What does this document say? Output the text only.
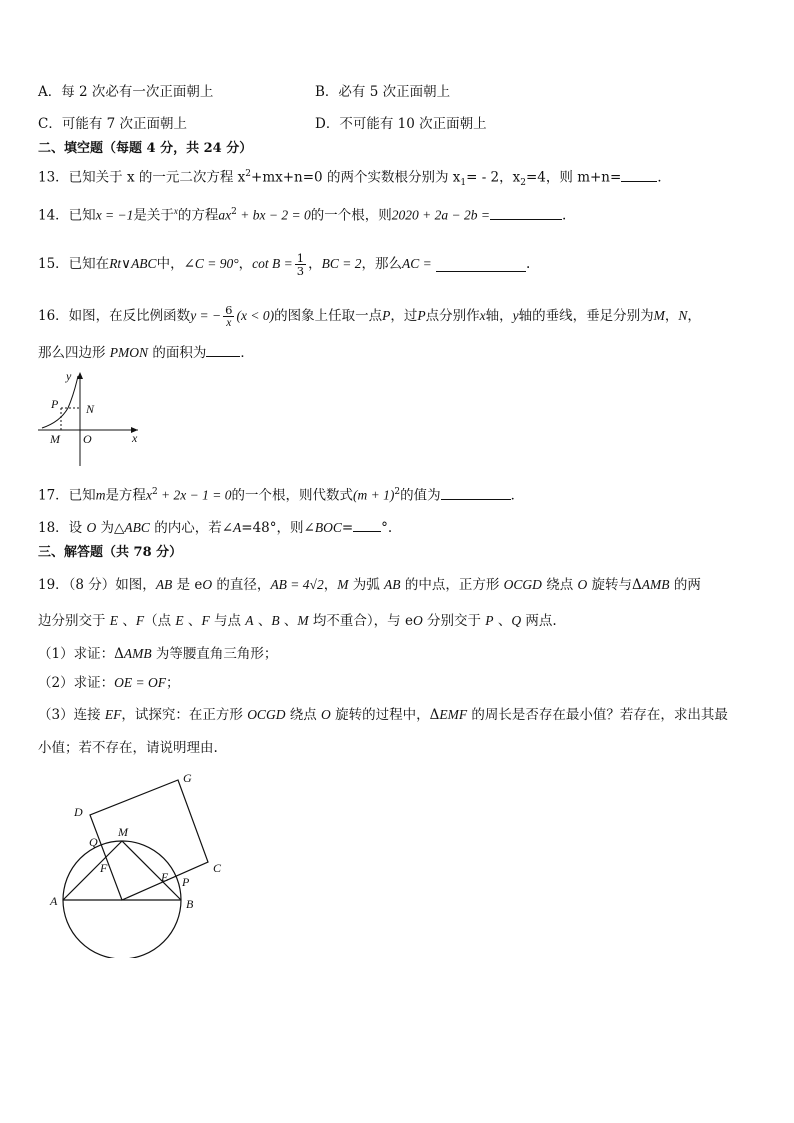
A．每 2 次必有一次正面朝上	B．必有 5 次正面朝上
C．可能有 7 次正面朝上	D．不可能有 10 次正面朝上
二、填空题（每题 4 分，共 24 分）
13．已知关于 x 的一元二次方程 $x^2+mx+n=0$ 的两个实数根分别为 $x_1= - 2$，$x_2=4$，则 m+n=	．
14．已知x = −1是关于$^x$的方程$ax^2$ + bx − 2 = 0的一个根，则2020 + 2a − 2b =	.
15．已知在 Rt∨ABC 中， ∠C = 90° ， $\cot B = \frac{1}{3}$ ， BC = 2 ，那么 AC =
	.
16．如图，在反比例函数 y = − $\frac{6}{x} (x < 0)$ 的图象上任取一点 P ，过 P 点分别作 x 轴， y 轴的垂线，垂足分别为 M ， N ，
那么四边形 PMON 的面积为	．
y
x
P N
M O
17．已知m是方程$x^2 + 2x - 1 = 0$的一个根，则代数式$(m + 1)^2$的值为	．
18．设 O 为△ABC 的内心，若∠A=48°，则∠BOC= °.
三、解答题（共 78 分）
19．（8 分）如图，AB 是 eO 的直径，AB = 4√2，M 为弧 AB 的中点，正方形 OCGD 绕点 O 旋转与ΔAMB 的两
边分别交于 E 、F（点 E 、F 与点 A 、B 、M 均不重合），与 eO 分别交于 P 、Q 两点.
（1）求证：ΔAMB 为等腰直角三角形；
（2）求证：OE = OF；
（3）连接 EF，试探究：在正方形 OCGD 绕点 O 旋转的过程中，ΔEMF 的周长是否存在最小值？若存在，求出其最
小值；若不存在，请说明理由.
G
D
M
Q
C
F
E P
A	B
